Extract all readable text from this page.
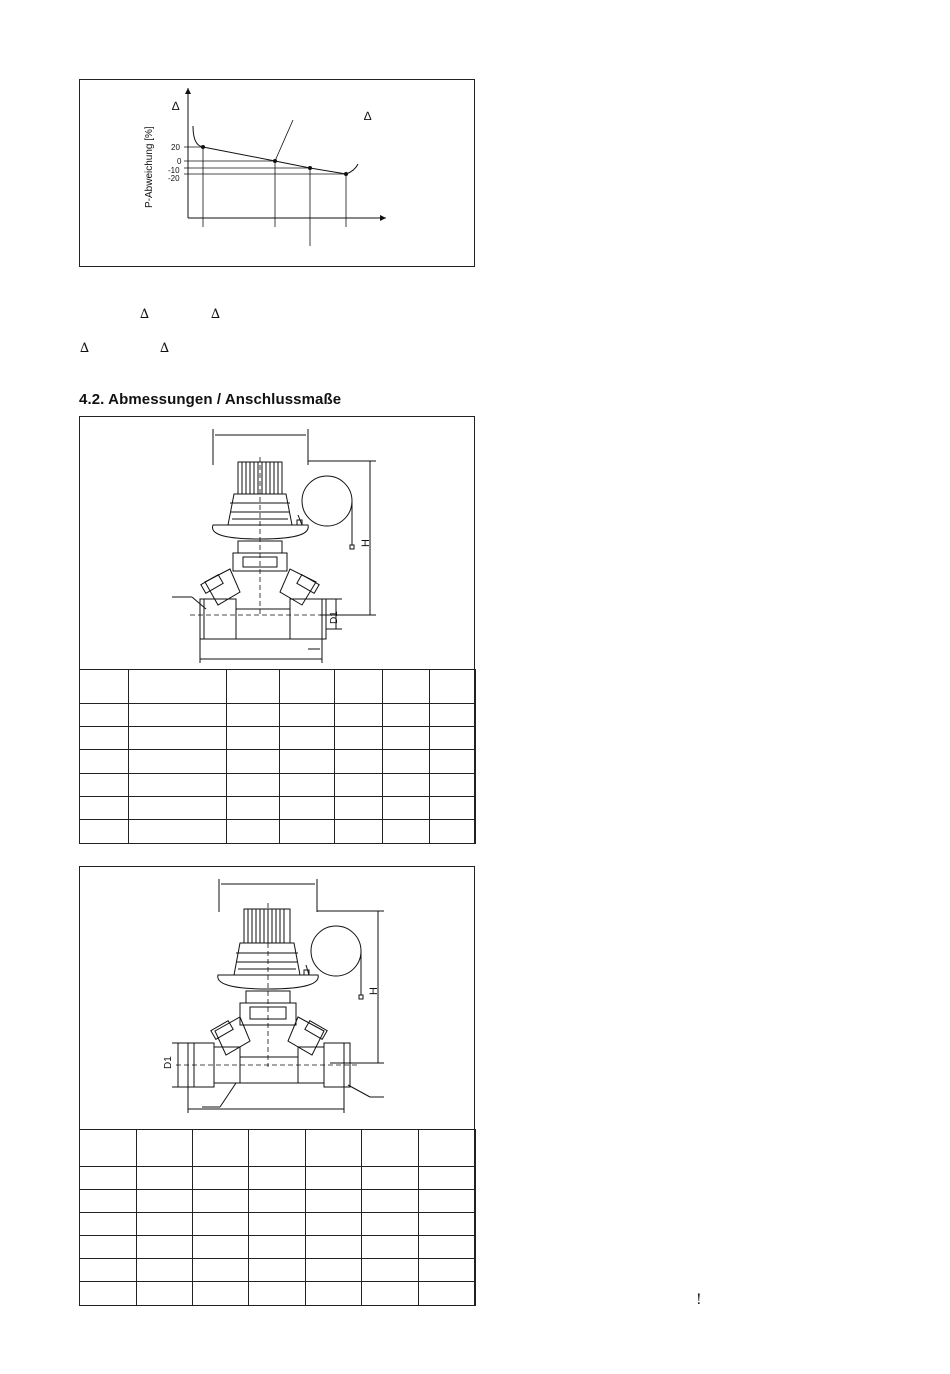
P-Abweichung [%]
∆
∆
20
0
-10
-20
∆	∆
∆	∆
4.2. Abmessungen / Anschlussmaße
H
D1

H
D1

!
